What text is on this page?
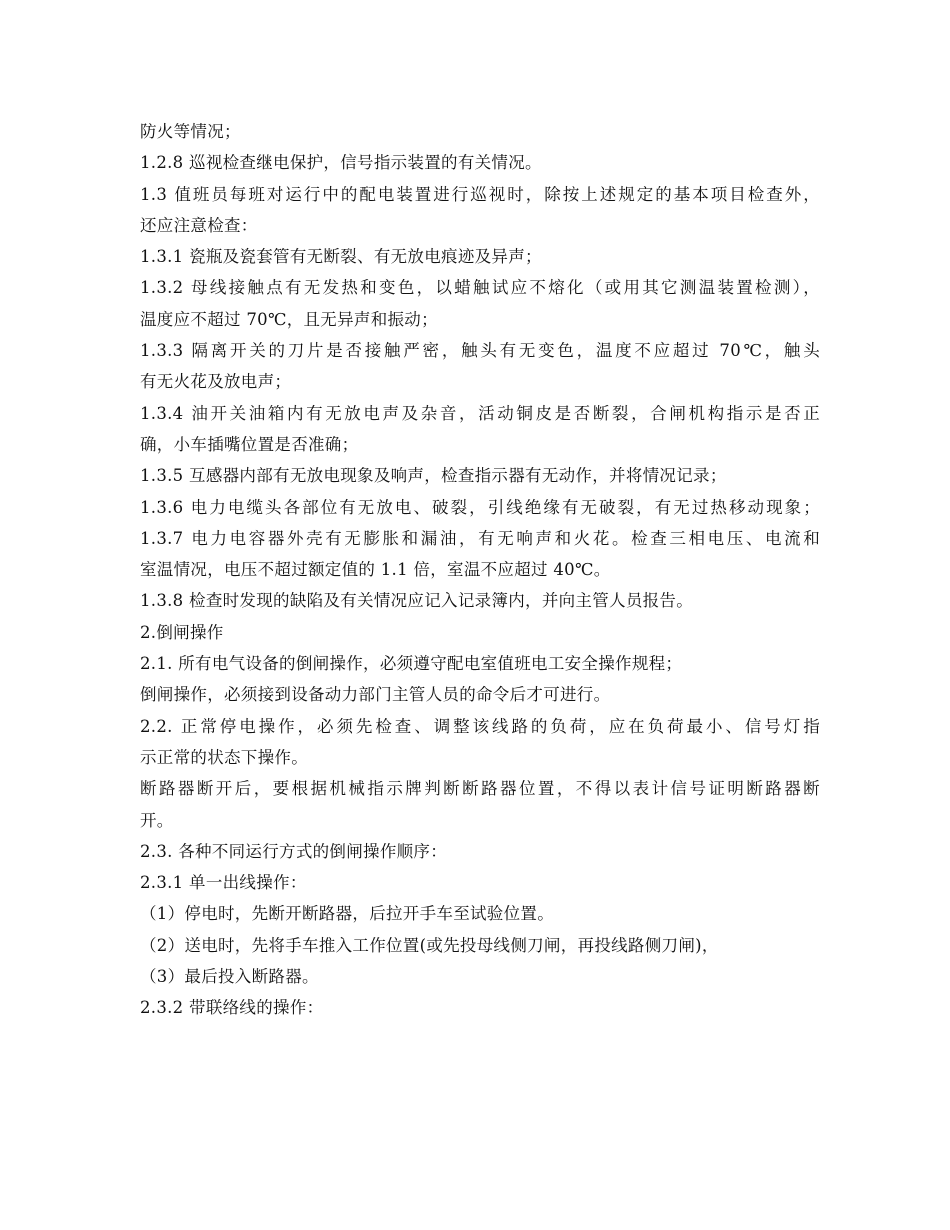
防火等情况；
1.2.8 巡视检查继电保护，信号指示装置的有关情况。
1.3 值班员每班对运行中的配电装置进行巡视时，除按上述规定的基本项目检查外，
还应注意检查：
1.3.1 瓷瓶及瓷套管有无断裂、有无放电痕迹及异声；
1.3.2 母线接触点有无发热和变色，以蜡触试应不熔化（或用其它测温装置检测），
温度应不超过 70℃，且无异声和振动；
1.3.3 隔离开关的刀片是否接触严密，触头有无变色，温度不应超过 70℃，触头
有无火花及放电声；
1.3.4 油开关油箱内有无放电声及杂音，活动铜皮是否断裂，合闸机构指示是否正
确，小车插嘴位置是否准确；
1.3.5 互感器内部有无放电现象及响声，检查指示器有无动作，并将情况记录；
1.3.6 电力电缆头各部位有无放电、破裂，引线绝缘有无破裂，有无过热移动现象；
1.3.7 电力电容器外壳有无膨胀和漏油，有无响声和火花。检查三相电压、电流和
室温情况，电压不超过额定值的 1.1 倍，室温不应超过 40℃。
1.3.8 检查时发现的缺陷及有关情况应记入记录簿内，并向主管人员报告。
2.倒闸操作
2.1. 所有电气设备的倒闸操作，必须遵守配电室值班电工安全操作规程；
倒闸操作，必须接到设备动力部门主管人员的命令后才可进行。
2.2. 正常停电操作，必须先检查、调整该线路的负荷，应在负荷最小、信号灯指
示正常的状态下操作。
断路器断开后，要根据机械指示牌判断断路器位置，不得以表计信号证明断路器断
开。
2.3. 各种不同运行方式的倒闸操作顺序：
2.3.1 单一出线操作：
（1）停电时，先断开断路器，后拉开手车至试验位置。
（2）送电时，先将手车推入工作位置(或先投母线侧刀闸，再投线路侧刀闸)，
（3）最后投入断路器。
2.3.2 带联络线的操作：
